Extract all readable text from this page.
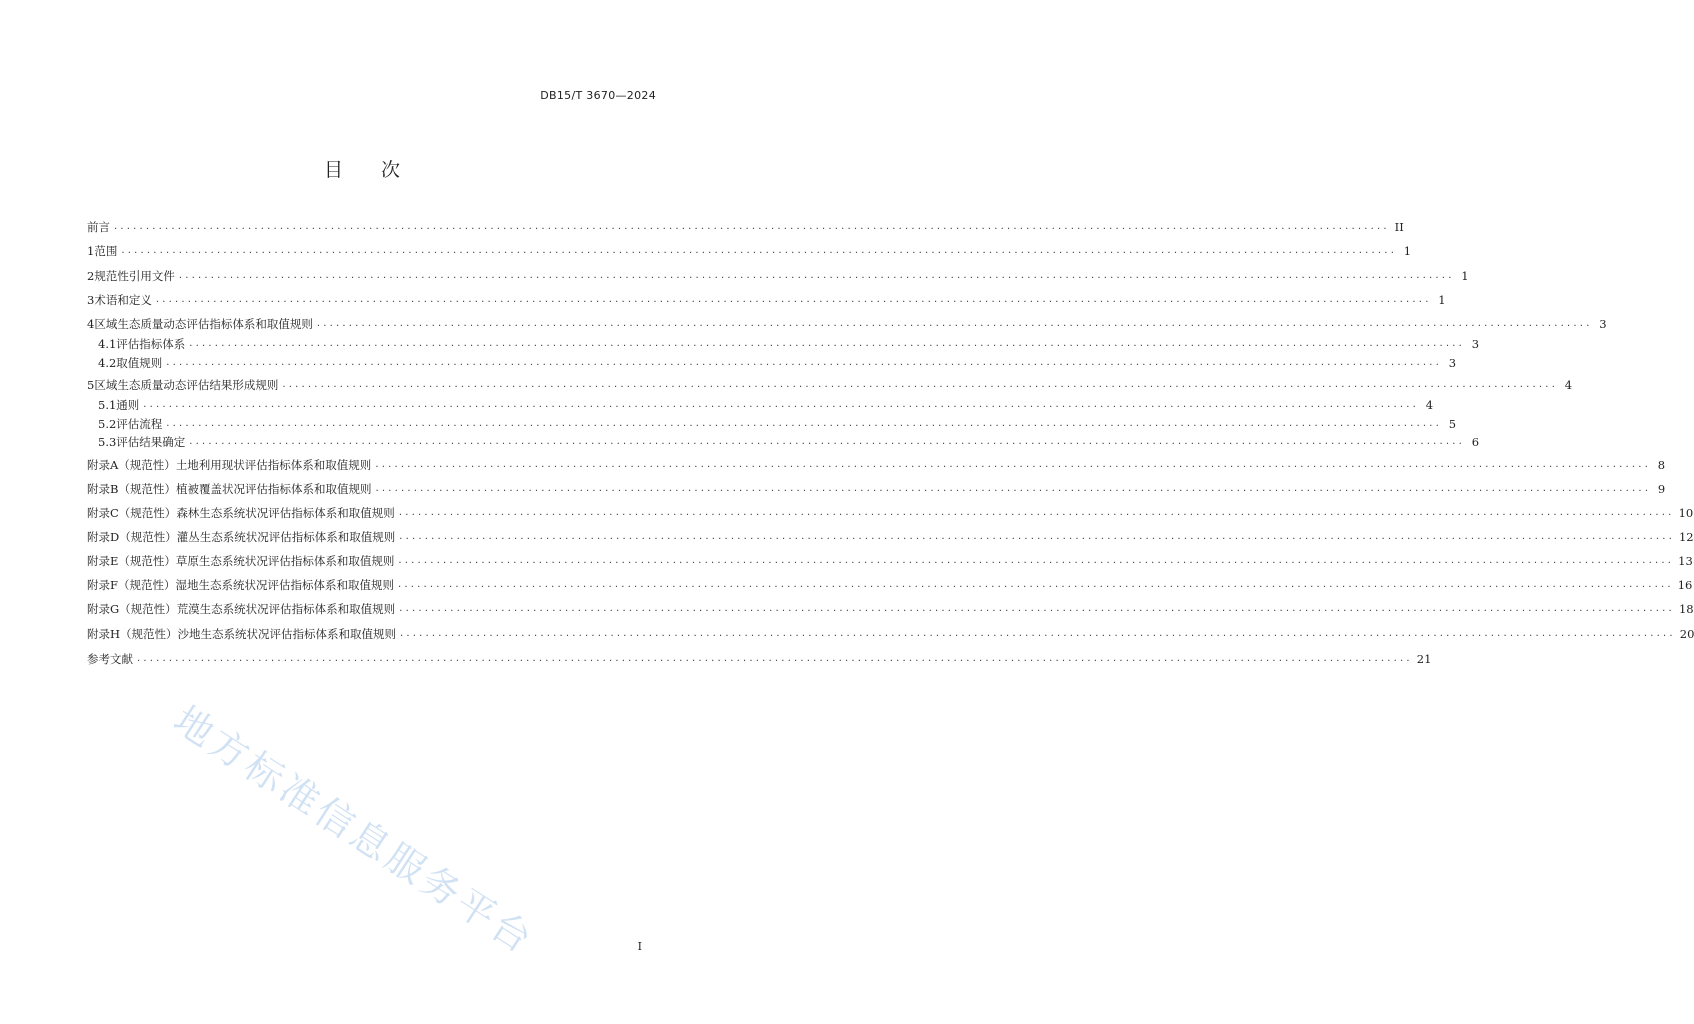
DB15/T 3670—2024
目次
前言 ........................................................................................................................................................................................................ II
1 范围 ........................................................................................................................................................................................................ 1
2 规范性引用文件 ........................................................................................................................................................................................................ 1
3 术语和定义 ........................................................................................................................................................................................................ 1
4 区域生态质量动态评估指标体系和取值规则 ........................................................................................................................................................................................................ 3
4.1 评估指标体系 ........................................................................................................................................................................................................ 3
4.2 取值规则 ........................................................................................................................................................................................................ 3
5 区域生态质量动态评估结果形成规则 ........................................................................................................................................................................................................ 4
5.1 通则 ........................................................................................................................................................................................................ 4
5.2 评估流程 ........................................................................................................................................................................................................ 5
5.3 评估结果确定 ........................................................................................................................................................................................................ 6
附录A（规范性） 土地利用现状评估指标体系和取值规则 ........................................................................................................................................................................................................ 8
附录B（规范性） 植被覆盖状况评估指标体系和取值规则 ........................................................................................................................................................................................................ 9
附录C（规范性） 森林生态系统状况评估指标体系和取值规则 ........................................................................................................................................................................................................ 10
附录D（规范性） 灌丛生态系统状况评估指标体系和取值规则 ........................................................................................................................................................................................................ 12
附录E（规范性） 草原生态系统状况评估指标体系和取值规则 ........................................................................................................................................................................................................ 13
附录F（规范性） 湿地生态系统状况评估指标体系和取值规则 ........................................................................................................................................................................................................ 16
附录G（规范性） 荒漠生态系统状况评估指标体系和取值规则 ........................................................................................................................................................................................................ 18
附录H（规范性） 沙地生态系统状况评估指标体系和取值规则 ........................................................................................................................................................................................................ 20
参考文献 ........................................................................................................................................................................................................ 21
地方标准信息服务平台	I
